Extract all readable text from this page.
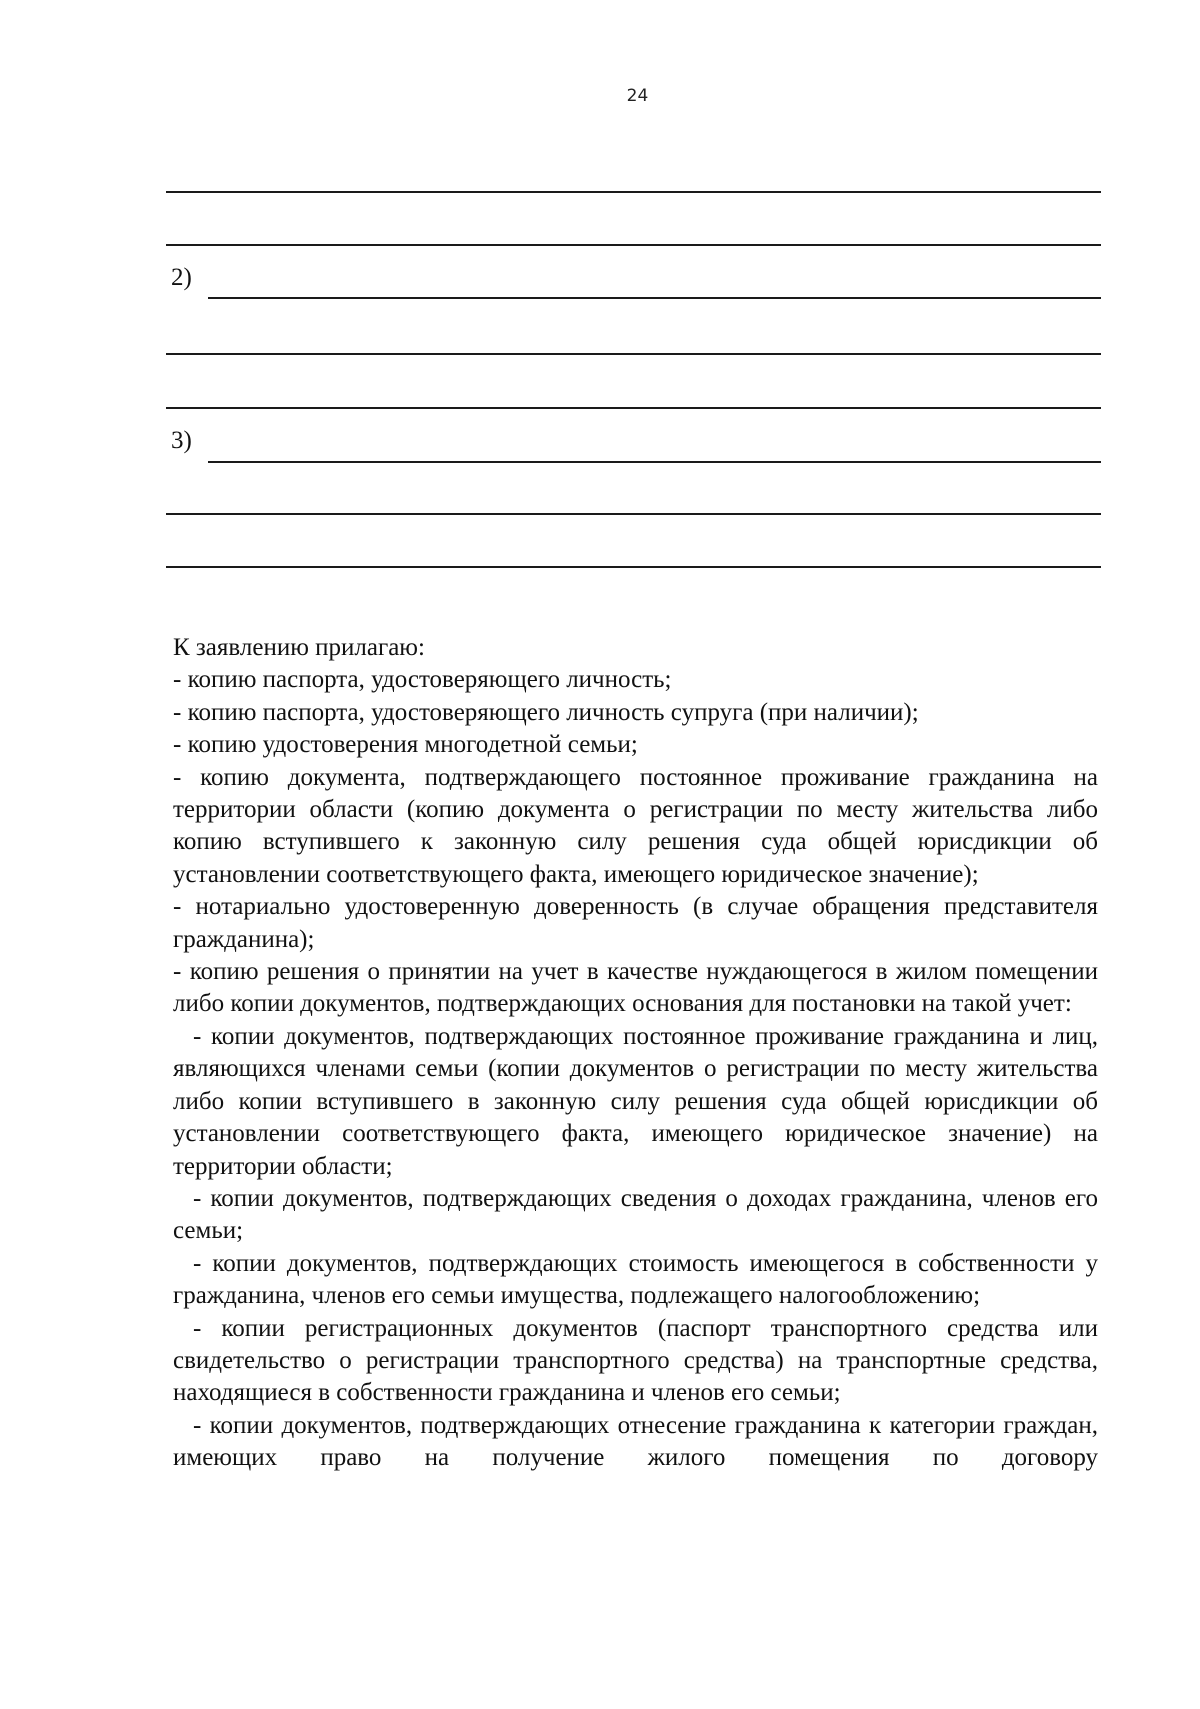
24
2)
3)

К заявлению прилагаю:

- копию паспорта, удостоверяющего личность;

- копию паспорта, удостоверяющего личность супруга (при наличии);

- копию удостоверения многодетной семьи;

- копию документа, подтверждающего постоянное проживание гражданина на территории области (копию документа о регистрации по месту жительства либо копию вступившего к законную силу решения суда общей юрисдикции об установлении соответствующего факта, имеющего юридическое значение);

- нотариально удостоверенную доверенность (в случае обращения представителя гражданина);

- копию решения о принятии на учет в качестве нуждающегося в жилом помещении либо копии документов, подтверждающих основания для постановки на такой учет:

- копии документов, подтверждающих постоянное проживание гражданина и лиц, являющихся членами семьи (копии документов о регистрации по месту жительства либо копии вступившего в законную силу решения суда общей юрисдикции об установлении соответствующего факта, имеющего юридическое значение) на территории области;

- копии документов, подтверждающих сведения о доходах гражданина, членов его семьи;

- копии документов, подтверждающих стоимость имеющегося в собственности у гражданина, членов его семьи имущества, подлежащего налогообложению;

- копии регистрационных документов (паспорт транспортного средства или свидетельство о регистрации транспортного средства) на транспортные средства, находящиеся в собственности гражданина и членов его семьи;

- копии документов, подтверждающих отнесение гражданина к категории граждан, имеющих право на получение жилого помещения по договору
